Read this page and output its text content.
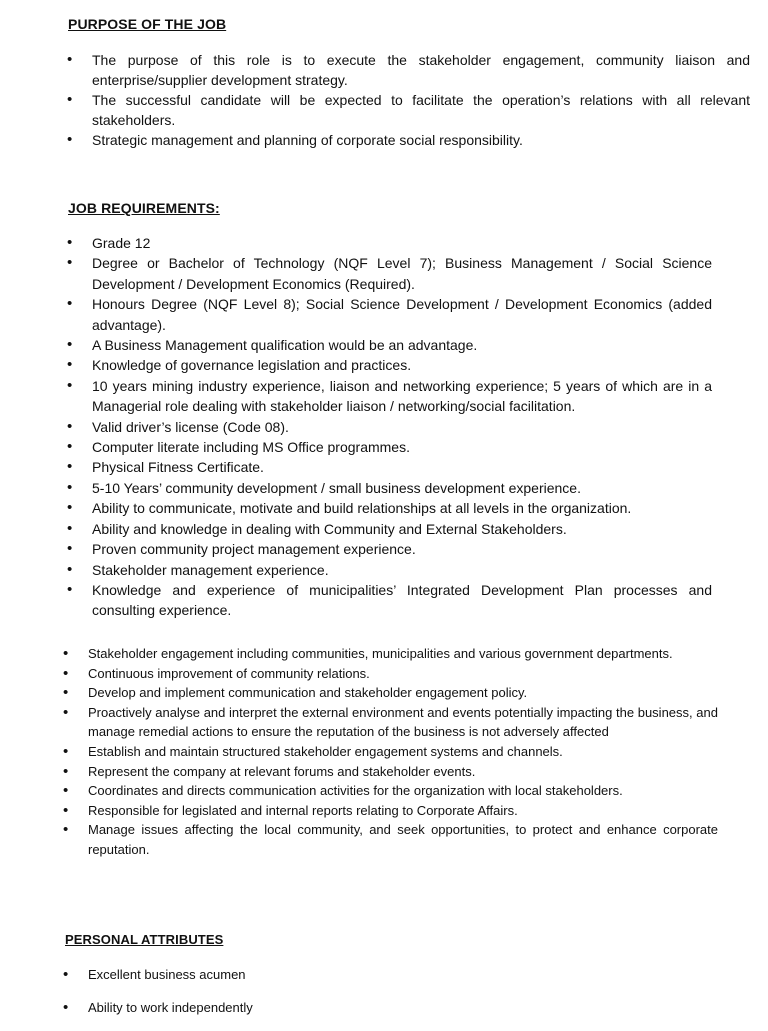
PURPOSE OF THE JOB
• The purpose of this role is to execute the stakeholder engagement, community liaison and enterprise/supplier development strategy.
• The successful candidate will be expected to facilitate the operation’s relations with all relevant stakeholders.
• Strategic management and planning of corporate social responsibility.
JOB REQUIREMENTS:
• Grade 12
• Degree or Bachelor of Technology (NQF Level 7); Business Management / Social Science Development / Development Economics (Required).
• Honours Degree (NQF Level 8); Social Science Development / Development Economics (added advantage).
• A Business Management qualification would be an advantage.
• Knowledge of governance legislation and practices.
• 10 years mining industry experience, liaison and networking experience; 5 years of which are in a Managerial role dealing with stakeholder liaison / networking/social facilitation.
• Valid driver’s license (Code 08).
• Computer literate including MS Office programmes.
• Physical Fitness Certificate.
• 5-10 Years’ community development / small business development experience.
• Ability to communicate, motivate and build relationships at all levels in the organization.
• Ability and knowledge in dealing with Community and External Stakeholders.
• Proven community project management experience.
• Stakeholder management experience.
• Knowledge and experience of municipalities’ Integrated Development Plan processes and consulting experience.
• Stakeholder engagement including communities, municipalities and various government departments.
• Continuous improvement of community relations.
• Develop and implement communication and stakeholder engagement policy.
• Proactively analyse and interpret the external environment and events potentially impacting the business, and manage remedial actions to ensure the reputation of the business is not adversely affected
• Establish and maintain structured stakeholder engagement systems and channels.
• Represent the company at relevant forums and stakeholder events.
• Coordinates and directs communication activities for the organization with local stakeholders.
• Responsible for legislated and internal reports relating to Corporate Affairs.
• Manage issues affecting the local community, and seek opportunities, to protect and enhance corporate reputation.
PERSONAL ATTRIBUTES
• Excellent business acumen
• Ability to work independently
